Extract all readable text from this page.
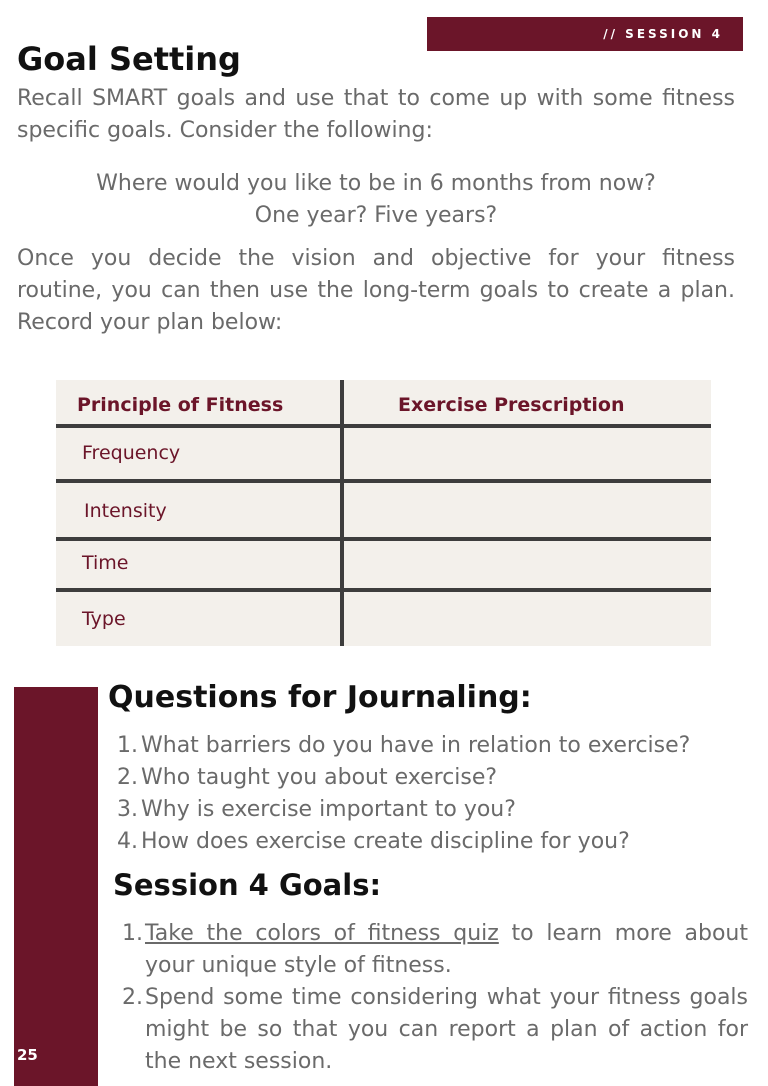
// SESSION 4
Goal Setting

Recall SMART goals and use that to come up with some fitness specific goals. Consider the following:

Where would you like to be in 6 months from now?
One year? Five years?

Once you decide the vision and objective for your fitness routine, you can then use the long-term goals to create a plan. Record your plan below:

Principle of Fitness	Exercise Prescription
Frequency
Intensity
Time
Type
25
Questions for Journaling:
1. What barriers do you have in relation to exercise?
2. Who taught you about exercise?
3. Why is exercise important to you?
4. How does exercise create discipline for you?
Session 4 Goals:
1. Take the colors of fitness quiz to learn more about your unique style of fitness.
2. Spend some time considering what your fitness goals might be so that you can report a plan of action for the next session.
